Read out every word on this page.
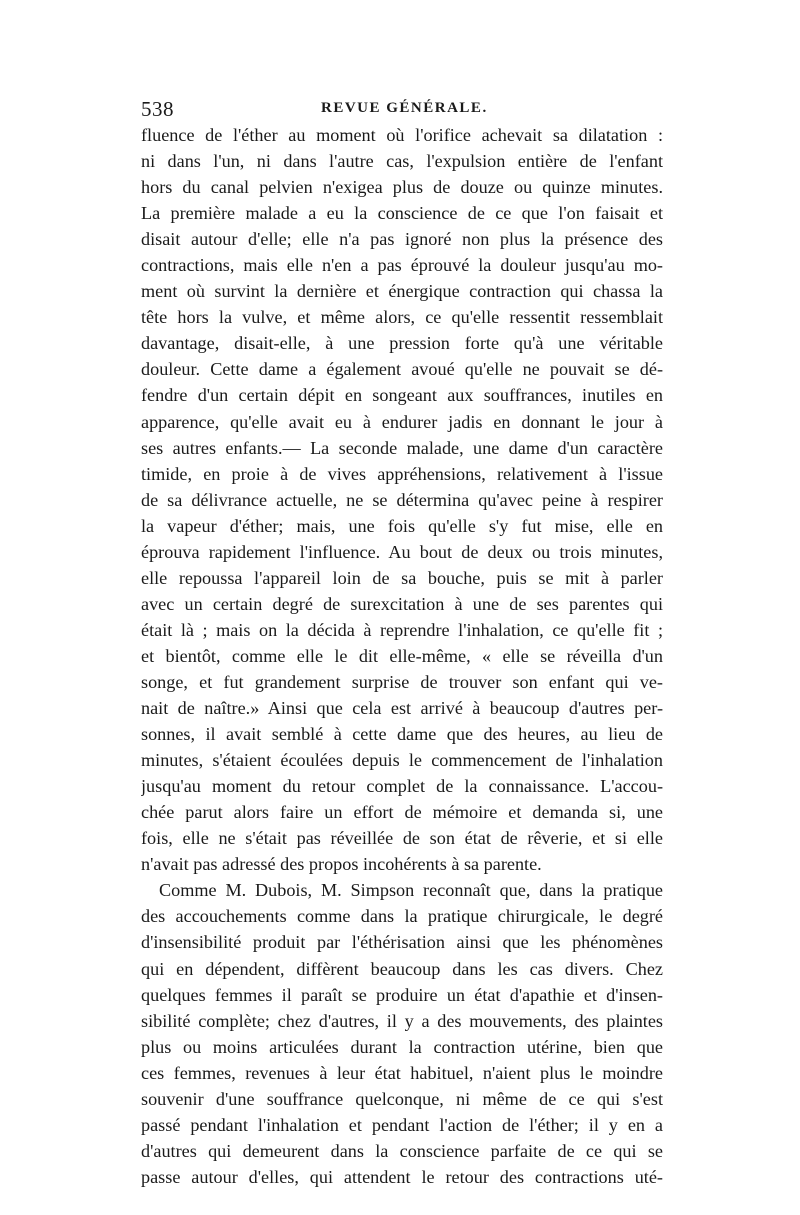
538	REVUE GÉNÉRALE.
fluence de l'éther au moment où l'orifice achevait sa dilatation :
ni dans l'un, ni dans l'autre cas, l'expulsion entière de l'enfant
hors du canal pelvien n'exigea plus de douze ou quinze minutes.
La première malade a eu la conscience de ce que l'on faisait et
disait autour d'elle; elle n'a pas ignoré non plus la présence des
contractions, mais elle n'en a pas éprouvé la douleur jusqu'au mo-
ment où survint la dernière et énergique contraction qui chassa la
tête hors la vulve, et même alors, ce qu'elle ressentit ressemblait
davantage, disait-elle, à une pression forte qu'à une véritable
douleur. Cette dame a également avoué qu'elle ne pouvait se dé-
fendre d'un certain dépit en songeant aux souffrances, inutiles en
apparence, qu'elle avait eu à endurer jadis en donnant le jour à
ses autres enfants.— La seconde malade, une dame d'un caractère
timide, en proie à de vives appréhensions, relativement à l'issue
de sa délivrance actuelle, ne se détermina qu'avec peine à respirer
la vapeur d'éther; mais, une fois qu'elle s'y fut mise, elle en
éprouva rapidement l'influence. Au bout de deux ou trois minutes,
elle repoussa l'appareil loin de sa bouche, puis se mit à parler
avec un certain degré de surexcitation à une de ses parentes qui
était là ; mais on la décida à reprendre l'inhalation, ce qu'elle fit ;
et bientôt, comme elle le dit elle-même, « elle se réveilla d'un
songe, et fut grandement surprise de trouver son enfant qui ve-
nait de naître.» Ainsi que cela est arrivé à beaucoup d'autres per-
sonnes, il avait semblé à cette dame que des heures, au lieu de
minutes, s'étaient écoulées depuis le commencement de l'inhalation
jusqu'au moment du retour complet de la connaissance. L'accou-
chée parut alors faire un effort de mémoire et demanda si, une
fois, elle ne s'était pas réveillée de son état de rêverie, et si elle
n'avait pas adressé des propos incohérents à sa parente.
Comme M. Dubois, M. Simpson reconnaît que, dans la pratique
des accouchements comme dans la pratique chirurgicale, le degré
d'insensibilité produit par l'éthérisation ainsi que les phénomènes
qui en dépendent, diffèrent beaucoup dans les cas divers. Chez
quelques femmes il paraît se produire un état d'apathie et d'insen-
sibilité complète; chez d'autres, il y a des mouvements, des plaintes
plus ou moins articulées durant la contraction utérine, bien que
ces femmes, revenues à leur état habituel, n'aient plus le moindre
souvenir d'une souffrance quelconque, ni même de ce qui s'est
passé pendant l'inhalation et pendant l'action de l'éther; il y en a
d'autres qui demeurent dans la conscience parfaite de ce qui se
passe autour d'elles, qui attendent le retour des contractions uté-
